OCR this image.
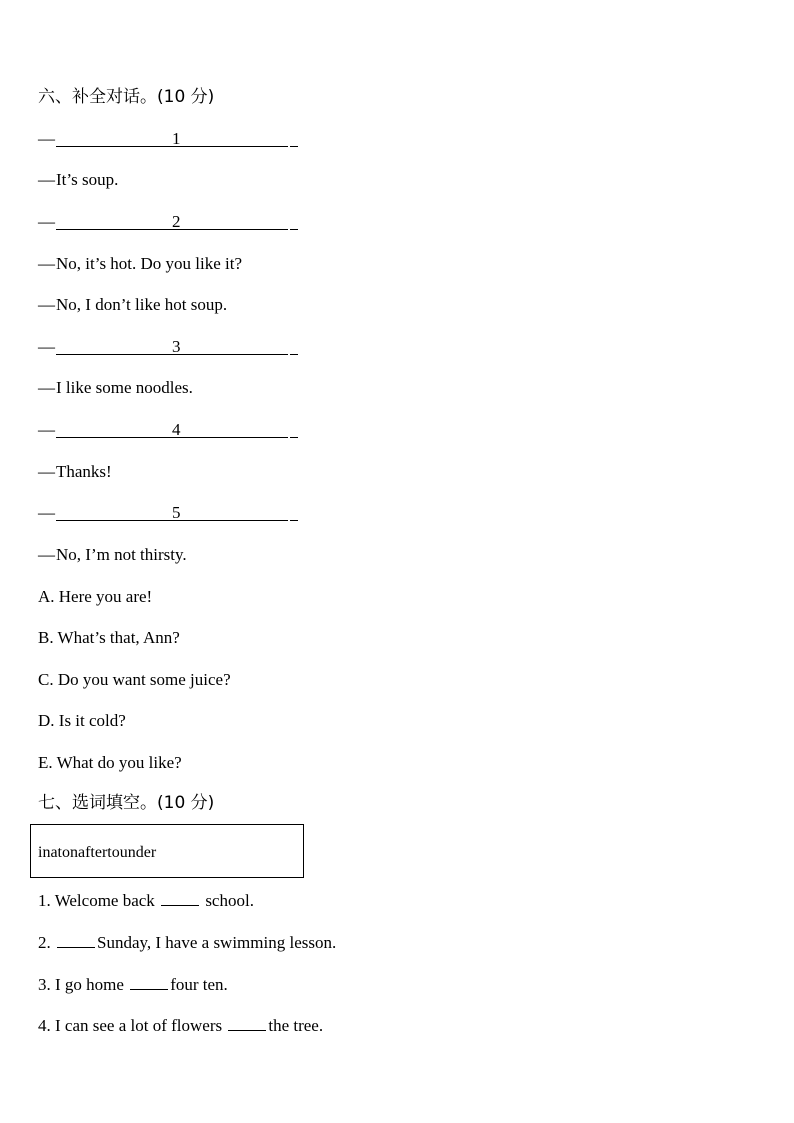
六、补全对话。(10 分)
—	1
—It’s soup.
—	2
—No, it’s hot. Do you like it?
—No, I don’t like hot soup.
—	3
—I like some noodles.
—	4
—Thanks!
—	5
—No, I’m not thirsty.
A. Here you are!
B. What’s that, Ann?
C. Do you want some juice?
D. Is it cold?
E. What do you like?
七、选词填空。(10 分)
inatonaftertounder
1. Welcome back	school.
2.	Sunday, I have a swimming lesson.
3. I go home	four ten.
4. I can see a lot of flowers	the tree.
